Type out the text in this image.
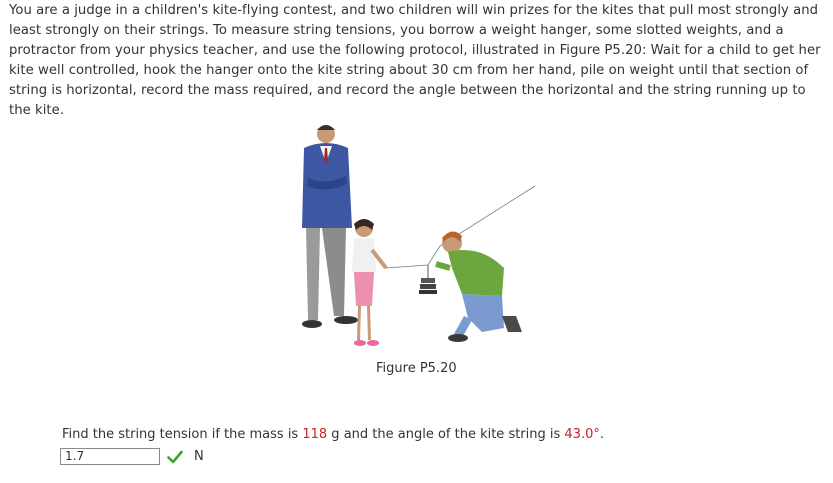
You are a judge in a children's kite-flying contest, and two children will win prizes for the kites that pull most strongly and least strongly on their strings. To measure string tensions, you borrow a weight hanger, some slotted weights, and a protractor from your physics teacher, and use the following protocol, illustrated in Figure P5.20: Wait for a child to get her kite well controlled, hook the hanger onto the kite string about 30 cm from her hand, pile on weight until that section of string is horizontal, record the mass required, and record the angle between the horizontal and the string running up to the kite.

Figure P5.20
Find the string tension if the mass is 118 g and the angle of the kite string is 43.0°.
1.7
N
